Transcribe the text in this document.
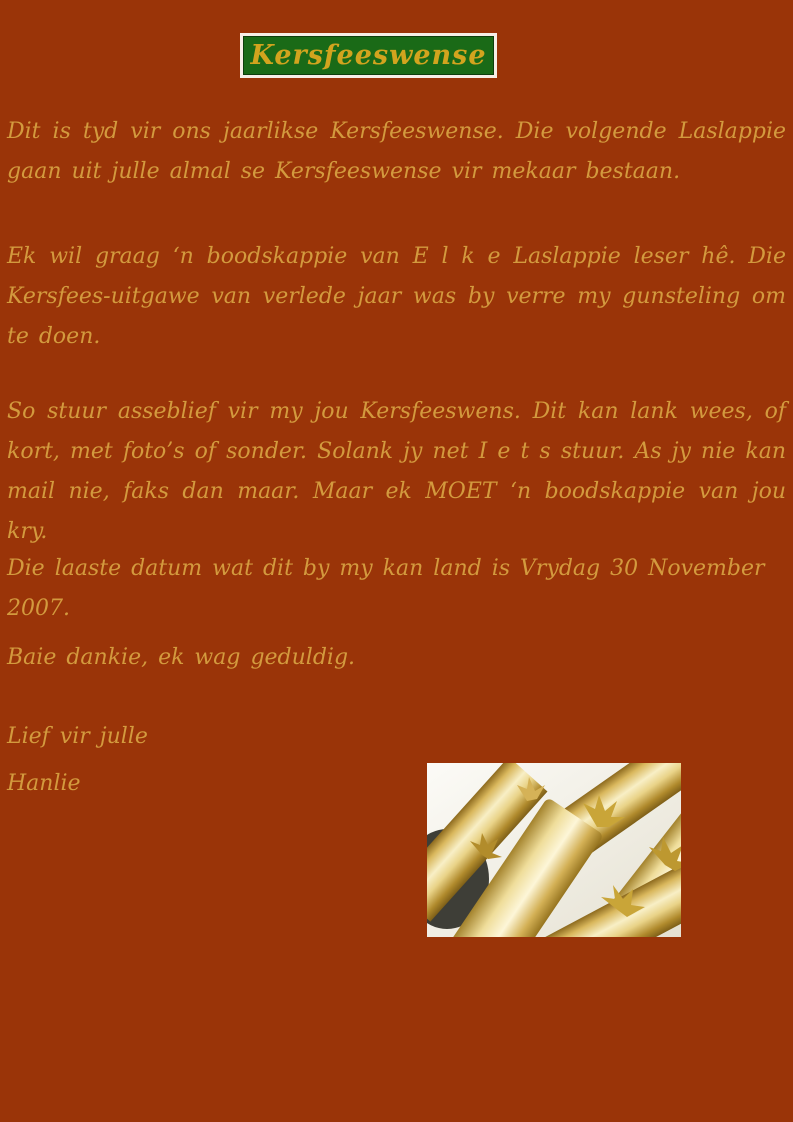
Kersfeeswense

Dit is tyd vir ons jaarlikse Kersfeeswense. Die volgende Laslappie gaan uit julle almal se Kersfeeswense vir mekaar bestaan.

Ek wil graag ‘n boodskappie van E l k e Laslappie leser hê. Die Kersfees-uitgawe van verlede jaar was by verre my gunsteling om te doen.

So stuur asseblief vir my jou Kersfeeswens. Dit kan lank wees, of kort, met foto’s of sonder. Solank jy net I e t s stuur. As jy nie kan mail nie, faks dan maar. Maar ek MOET ‘n boodskappie van jou kry.

Die laaste datum wat dit by my kan land is Vrydag 30 November 2007.

Baie dankie, ek wag geduldig.

Lief vir julle

Hanlie
